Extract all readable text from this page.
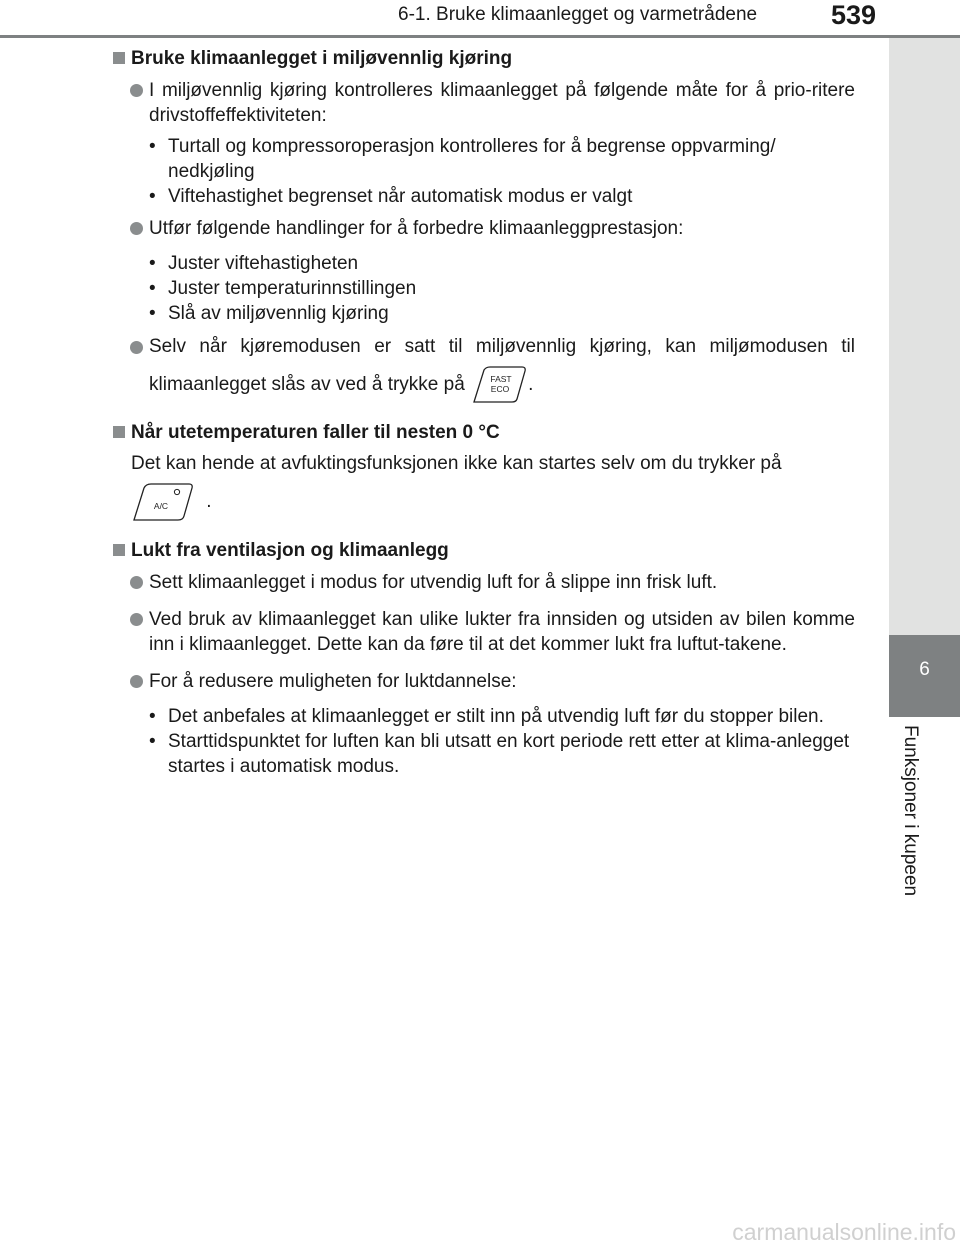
6-1. Bruke klimaanlegget og varmetrådene	539
6
Funksjoner i kupeen

Bruke klimaanlegget i miljøvennlig kjøring

I miljøvennlig kjøring kontrolleres klimaanlegget på følgende måte for å prio-ritere drivstoffeffektiviteten:
• Turtall og kompressoroperasjon kontrolleres for å begrense oppvarming/ nedkjøling
• Viftehastighet begrenset når automatisk modus er valgt
Utfør følgende handlinger for å forbedre klimaanleggprestasjon:
• Juster viftehastigheten
• Juster temperaturinnstillingen
• Slå av miljøvennlig kjøring
Selv når kjøremodusen er satt til miljøvennlig kjøring, kan miljømodusen til klimaanlegget slås av ved å trykke på	FAST
ECO .

Når utetemperaturen faller til nesten 0 °C

Det kan hende at avfuktingsfunksjonen ikke kan startes selv om du trykker på
A/C .

Lukt fra ventilasjon og klimaanlegg

Sett klimaanlegget i modus for utvendig luft for å slippe inn frisk luft.
Ved bruk av klimaanlegget kan ulike lukter fra innsiden og utsiden av bilen komme inn i klimaanlegget. Dette kan da føre til at det kommer lukt fra luftut-takene.
For å redusere muligheten for luktdannelse:
• Det anbefales at klimaanlegget er stilt inn på utvendig luft før du stopper bilen.
• Starttidspunktet for luften kan bli utsatt en kort periode rett etter at klima-anlegget startes i automatisk modus.
carmanualsonline.info
